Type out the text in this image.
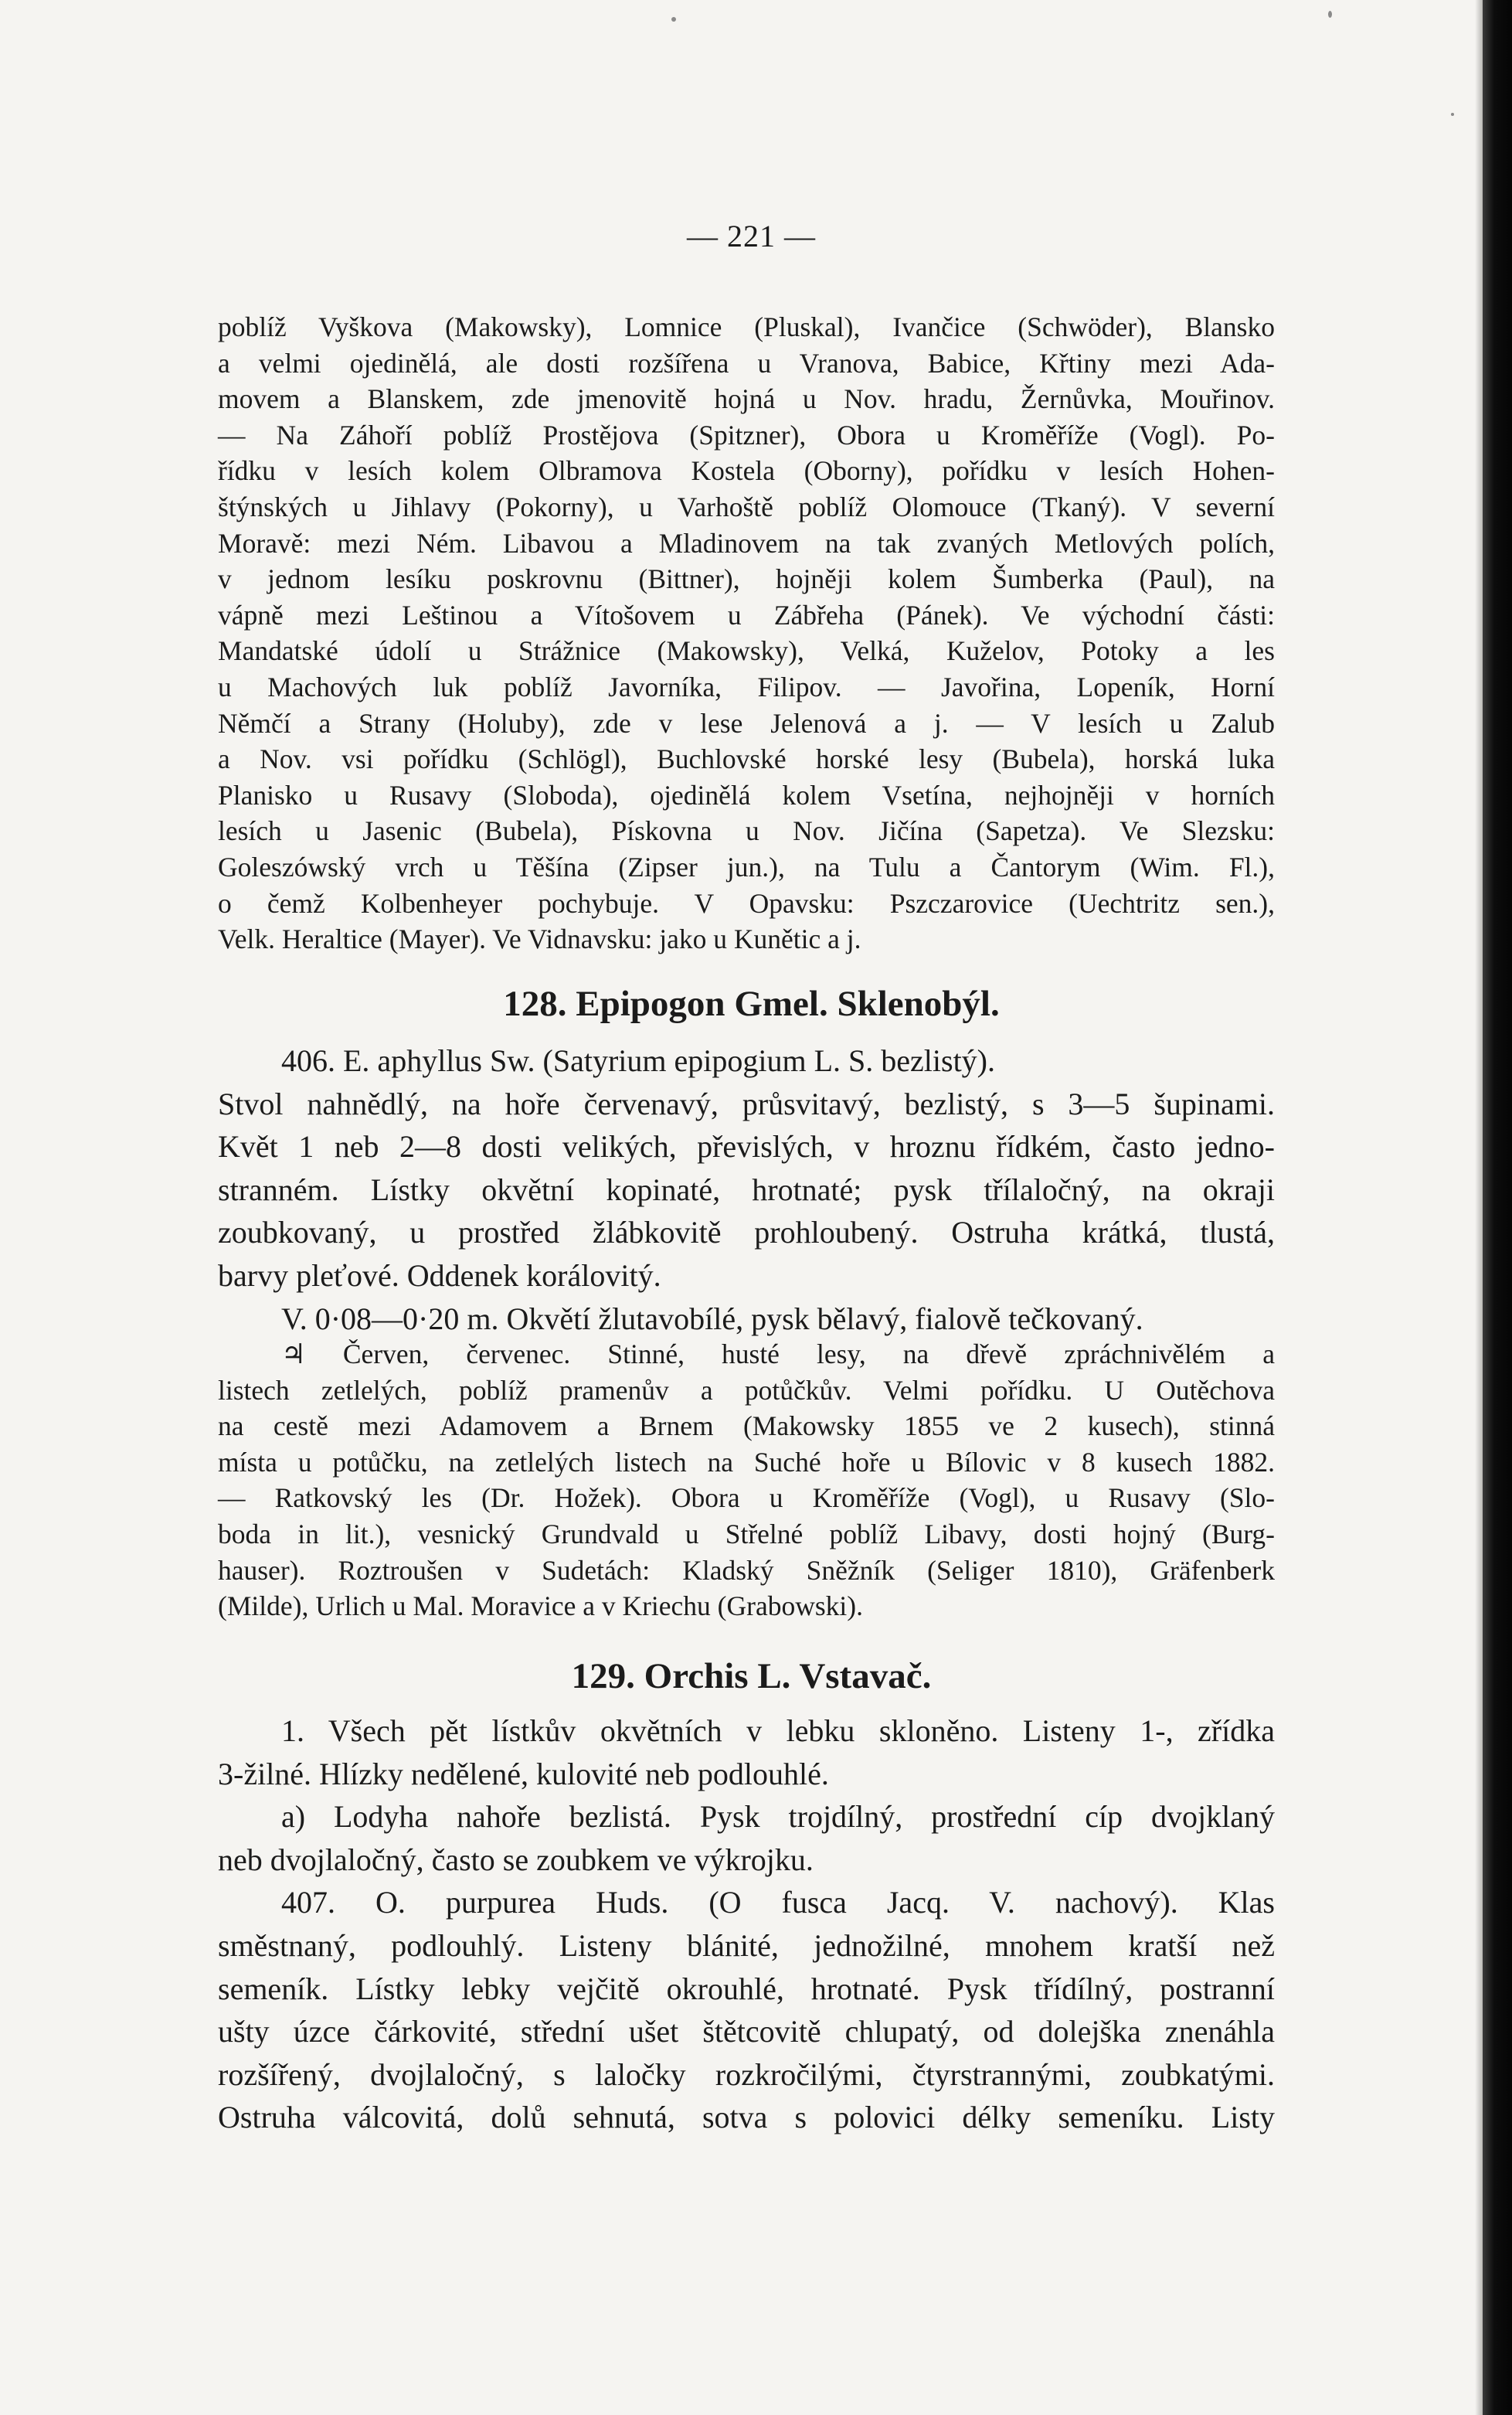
— 221 —
poblíž Vyškova (Makowsky), Lomnice (Pluskal), Ivančice (Schwöder), Blansko
a velmi ojedinělá, ale dosti rozšířena u Vranova, Babice, Křtiny mezi Ada-
movem a Blanskem, zde jmenovitě hojná u Nov. hradu, Žernůvka, Mouřinov.
— Na Záhoří poblíž Prostějova (Spitzner), Obora u Kroměříže (Vogl). Po-
řídku v lesích kolem Olbramova Kostela (Oborny), pořídku v lesích Hohen-
štýnských u Jihlavy (Pokorny), u Varhoště poblíž Olomouce (Tkaný). V severní
Moravě: mezi Ném. Libavou a Mladinovem na tak zvaných Metlových polích,
v jednom lesíku poskrovnu (Bittner), hojněji kolem Šumberka (Paul), na
vápně mezi Leštinou a Vítošovem u Zábřeha (Pánek). Ve východní části:
Mandatské údolí u Strážnice (Makowsky), Velká, Kuželov, Potoky a les
u Machových luk poblíž Javorníka, Filipov. — Javořina, Lopeník, Horní
Němčí a Strany (Holuby), zde v lese Jelenová a j. — V lesích u Zalub
a Nov. vsi pořídku (Schlögl), Buchlovské horské lesy (Bubela), horská luka
Planisko u Rusavy (Sloboda), ojedinělá kolem Vsetína, nejhojněji v horních
lesích u Jasenic (Bubela), Pískovna u Nov. Jičína (Sapetza). Ve Slezsku:
Goleszówský vrch u Těšína (Zipser jun.), na Tulu a Čantorym (Wim. Fl.),
o čemž Kolbenheyer pochybuje. V Opavsku: Pszczarovice (Uechtritz sen.),
Velk. Heraltice (Mayer). Ve Vidnavsku: jako u Kunětic a j.
128. Epipogon Gmel. Sklenobýl.
406. E. aphyllus Sw. (Satyrium epipogium L. S. bezlistý).
Stvol nahnědlý, na hoře červenavý, průsvitavý, bezlistý, s 3—5 šupinami.
Květ 1 neb 2—8 dosti velikých, převislých, v hroznu řídkém, často jedno-
stranném. Lístky okvětní kopinaté, hrotnaté; pysk třílaločný, na okraji
zoubkovaný, u prostřed žlábkovitě prohloubený. Ostruha krátká, tlustá,
barvy pleťové. Oddenek korálovitý.
V. 0·08—0·20 m. Okvětí žlutavobílé, pysk bělavý, fialově tečkovaný.
♃ Červen, červenec. Stinné, husté lesy, na dřevě zpráchnivělém a
listech zetlelých, poblíž pramenův a potůčkův. Velmi pořídku. U Outěchova
na cestě mezi Adamovem a Brnem (Makowsky 1855 ve 2 kusech), stinná
místa u potůčku, na zetlelých listech na Suché hoře u Bílovic v 8 kusech 1882.
— Ratkovský les (Dr. Hožek). Obora u Kroměříže (Vogl), u Rusavy (Slo-
boda in lit.), vesnický Grundvald u Střelné poblíž Libavy, dosti hojný (Burg-
hauser). Roztroušen v Sudetách: Kladský Sněžník (Seliger 1810), Gräfenberk
(Milde), Urlich u Mal. Moravice a v Kriechu (Grabowski).
129. Orchis L. Vstavač.
1. Všech pět lístkův okvětních v lebku skloněno. Listeny 1-, zřídka
3-žilné. Hlízky nedělené, kulovité neb podlouhlé.
a) Lodyha nahoře bezlistá. Pysk trojdílný, prostřední cíp dvojklaný
neb dvojlaločný, často se zoubkem ve výkrojku.
407. O. purpurea Huds. (O fusca Jacq. V. nachový). Klas
směstnaný, podlouhlý. Listeny blánité, jednožilné, mnohem kratší než
semeník. Lístky lebky vejčitě okrouhlé, hrotnaté. Pysk třídílný, postranní
ušty úzce čárkovité, střední ušet štětcovitě chlupatý, od dolejška znenáhla
rozšířený, dvojlaločný, s laločky rozkročilými, čtyrstrannými, zoubkatými.
Ostruha válcovitá, dolů sehnutá, sotva s polovici délky semeníku. Listy
